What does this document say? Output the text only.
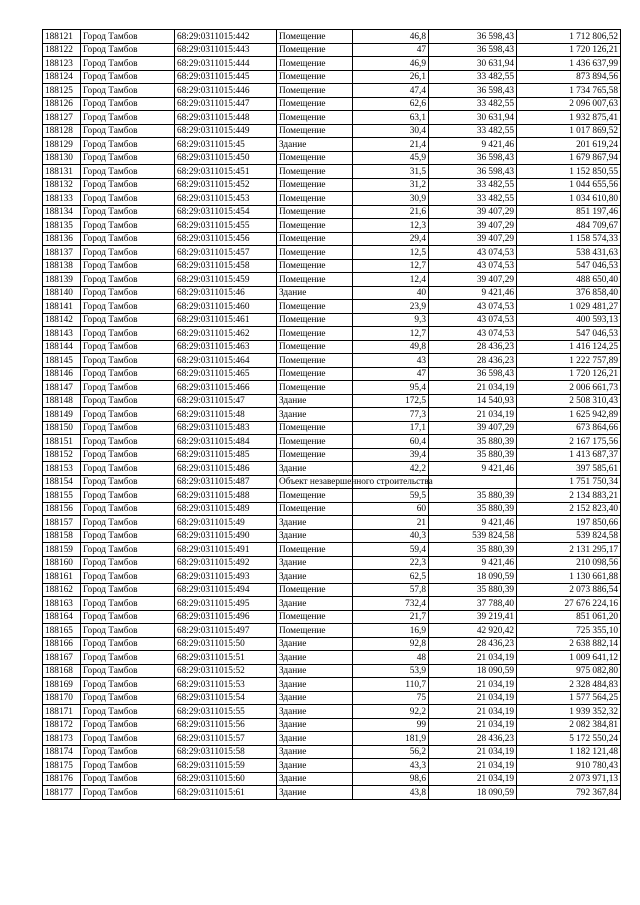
188121	Город Тамбов	68:29:0311015:442	Помещение	46,8	36 598,43	1 712 806,52
188122	Город Тамбов	68:29:0311015:443	Помещение	47	36 598,43	1 720 126,21
188123	Город Тамбов	68:29:0311015:444	Помещение	46,9	30 631,94	1 436 637,99
188124	Город Тамбов	68:29:0311015:445	Помещение	26,1	33 482,55	873 894,56
188125	Город Тамбов	68:29:0311015:446	Помещение	47,4	36 598,43	1 734 765,58
188126	Город Тамбов	68:29:0311015:447	Помещение	62,6	33 482,55	2 096 007,63
188127	Город Тамбов	68:29:0311015:448	Помещение	63,1	30 631,94	1 932 875,41
188128	Город Тамбов	68:29:0311015:449	Помещение	30,4	33 482,55	1 017 869,52
188129	Город Тамбов	68:29:0311015:45	Здание	21,4	9 421,46	201 619,24
188130	Город Тамбов	68:29:0311015:450	Помещение	45,9	36 598,43	1 679 867,94
188131	Город Тамбов	68:29:0311015:451	Помещение	31,5	36 598,43	1 152 850,55
188132	Город Тамбов	68:29:0311015:452	Помещение	31,2	33 482,55	1 044 655,56
188133	Город Тамбов	68:29:0311015:453	Помещение	30,9	33 482,55	1 034 610,80
188134	Город Тамбов	68:29:0311015:454	Помещение	21,6	39 407,29	851 197,46
188135	Город Тамбов	68:29:0311015:455	Помещение	12,3	39 407,29	484 709,67
188136	Город Тамбов	68:29:0311015:456	Помещение	29,4	39 407,29	1 158 574,33
188137	Город Тамбов	68:29:0311015:457	Помещение	12,5	43 074,53	538 431,63
188138	Город Тамбов	68:29:0311015:458	Помещение	12,7	43 074,53	547 046,53
188139	Город Тамбов	68:29:0311015:459	Помещение	12,4	39 407,29	488 650,40
188140	Город Тамбов	68:29:0311015:46	Здание	40	9 421,46	376 858,40
188141	Город Тамбов	68:29:0311015:460	Помещение	23,9	43 074,53	1 029 481,27
188142	Город Тамбов	68:29:0311015:461	Помещение	9,3	43 074,53	400 593,13
188143	Город Тамбов	68:29:0311015:462	Помещение	12,7	43 074,53	547 046,53
188144	Город Тамбов	68:29:0311015:463	Помещение	49,8	28 436,23	1 416 124,25
188145	Город Тамбов	68:29:0311015:464	Помещение	43	28 436,23	1 222 757,89
188146	Город Тамбов	68:29:0311015:465	Помещение	47	36 598,43	1 720 126,21
188147	Город Тамбов	68:29:0311015:466	Помещение	95,4	21 034,19	2 006 661,73
188148	Город Тамбов	68:29:0311015:47	Здание	172,5	14 540,93	2 508 310,43
188149	Город Тамбов	68:29:0311015:48	Здание	77,3	21 034,19	1 625 942,89
188150	Город Тамбов	68:29:0311015:483	Помещение	17,1	39 407,29	673 864,66
188151	Город Тамбов	68:29:0311015:484	Помещение	60,4	35 880,39	2 167 175,56
188152	Город Тамбов	68:29:0311015:485	Помещение	39,4	35 880,39	1 413 687,37
188153	Город Тамбов	68:29:0311015:486	Здание	42,2	9 421,46	397 585,61
188154	Город Тамбов	68:29:0311015:487	Объект незавершенного строительства			1 751 750,34
188155	Город Тамбов	68:29:0311015:488	Помещение	59,5	35 880,39	2 134 883,21
188156	Город Тамбов	68:29:0311015:489	Помещение	60	35 880,39	2 152 823,40
188157	Город Тамбов	68:29:0311015:49	Здание	21	9 421,46	197 850,66
188158	Город Тамбов	68:29:0311015:490	Здание	40,3	539 824,58	539 824,58
188159	Город Тамбов	68:29:0311015:491	Помещение	59,4	35 880,39	2 131 295,17
188160	Город Тамбов	68:29:0311015:492	Здание	22,3	9 421,46	210 098,56
188161	Город Тамбов	68:29:0311015:493	Здание	62,5	18 090,59	1 130 661,88
188162	Город Тамбов	68:29:0311015:494	Помещение	57,8	35 880,39	2 073 886,54
188163	Город Тамбов	68:29:0311015:495	Здание	732,4	37 788,40	27 676 224,16
188164	Город Тамбов	68:29:0311015:496	Помещение	21,7	39 219,41	851 061,20
188165	Город Тамбов	68:29:0311015:497	Помещение	16,9	42 920,42	725 355,10
188166	Город Тамбов	68:29:0311015:50	Здание	92,8	28 436,23	2 638 882,14
188167	Город Тамбов	68:29:0311015:51	Здание	48	21 034,19	1 009 641,12
188168	Город Тамбов	68:29:0311015:52	Здание	53,9	18 090,59	975 082,80
188169	Город Тамбов	68:29:0311015:53	Здание	110,7	21 034,19	2 328 484,83
188170	Город Тамбов	68:29:0311015:54	Здание	75	21 034,19	1 577 564,25
188171	Город Тамбов	68:29:0311015:55	Здание	92,2	21 034,19	1 939 352,32
188172	Город Тамбов	68:29:0311015:56	Здание	99	21 034,19	2 082 384,81
188173	Город Тамбов	68:29:0311015:57	Здание	181,9	28 436,23	5 172 550,24
188174	Город Тамбов	68:29:0311015:58	Здание	56,2	21 034,19	1 182 121,48
188175	Город Тамбов	68:29:0311015:59	Здание	43,3	21 034,19	910 780,43
188176	Город Тамбов	68:29:0311015:60	Здание	98,6	21 034,19	2 073 971,13
188177	Город Тамбов	68:29:0311015:61	Здание	43,8	18 090,59	792 367,84
